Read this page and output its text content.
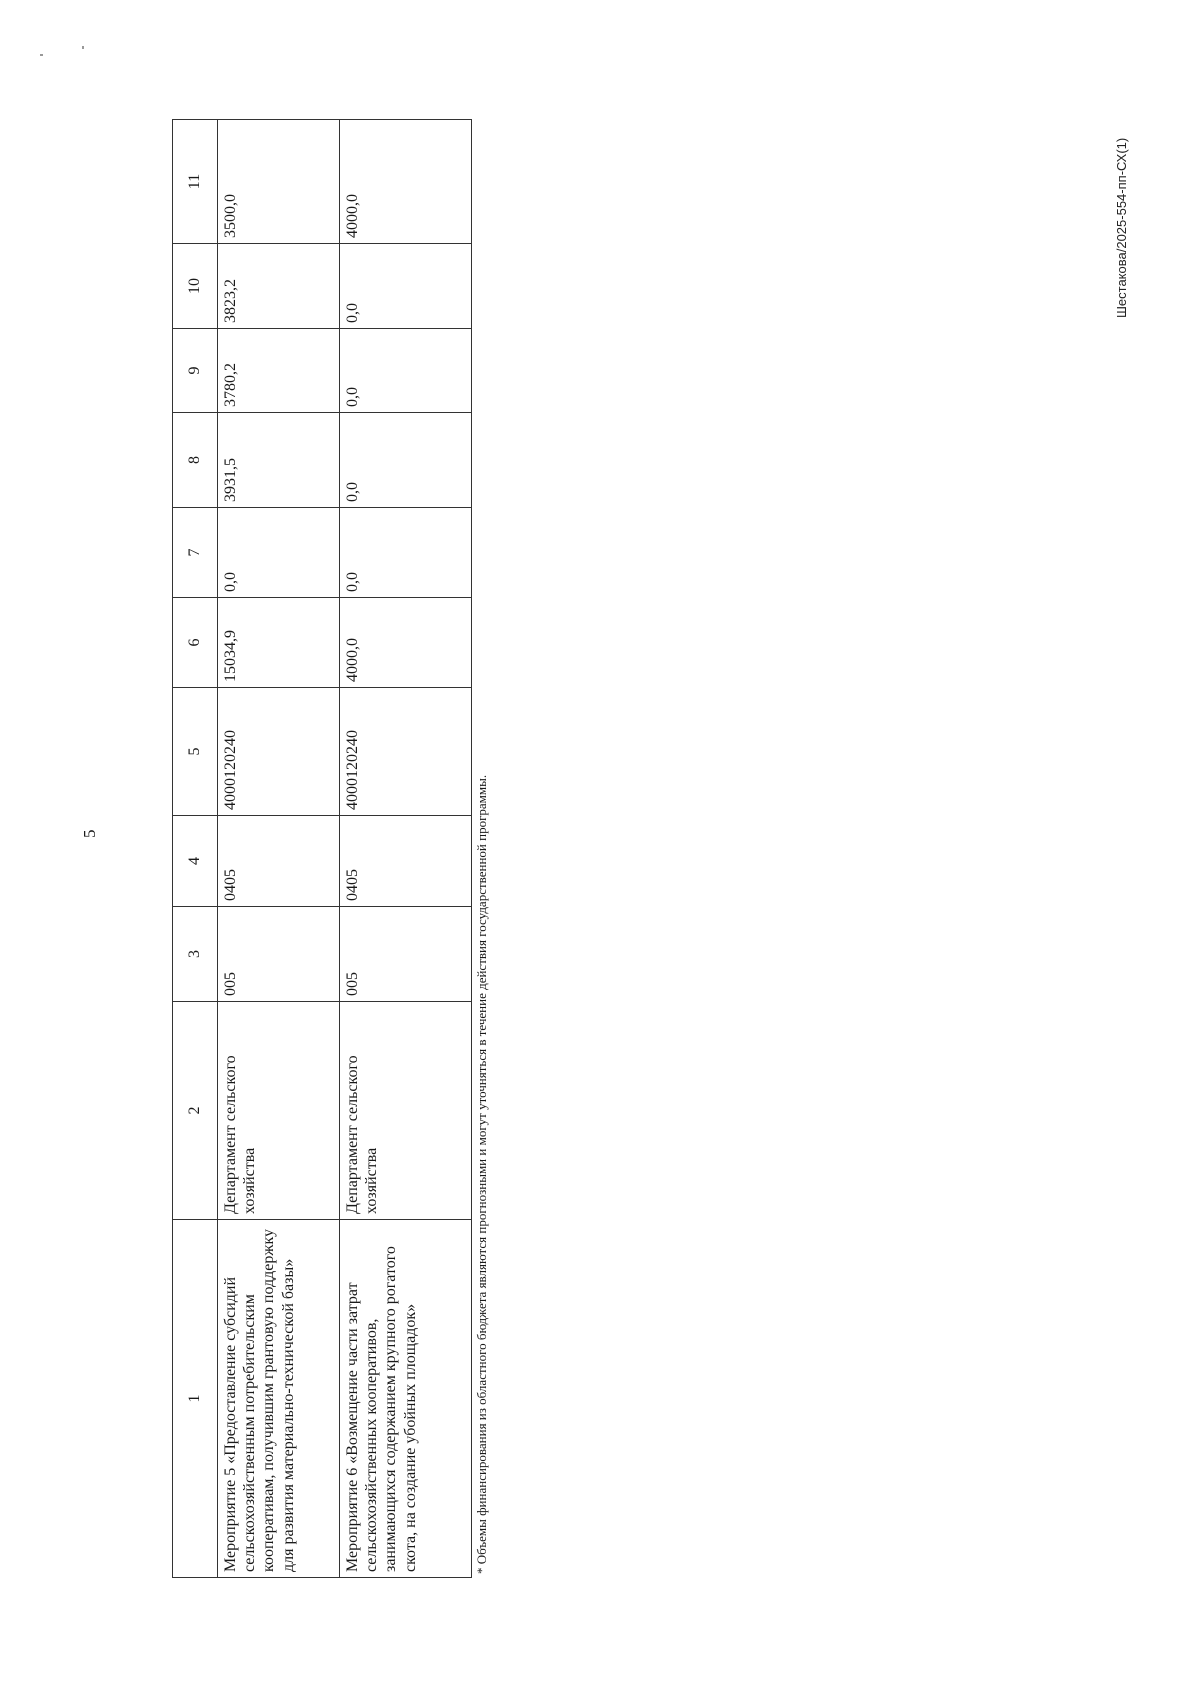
5
Шестакова/2025-554-пп-СХ(1)
1	2	3	4	5	6	7	8	9	10	11
Мероприятие 5 «Предоставление субсидий сельскохозяйственным потребительским кооперативам, получившим грантовую поддержку для развития материально-технической базы»	Департамент сельского хозяйства	005	0405	4000120240	15034,9	0,0	3931,5	3780,2	3823,2	3500,0
Мероприятие 6 «Возмещение части затрат сельскохозяйственных кооперативов, занимающихся содержанием крупного рогатого скота, на создание убойных площадок»	Департамент сельского хозяйства	005	0405	4000120240	4000,0	0,0	0,0	0,0	0,0	4000,0
* Объемы финансирования из областного бюджета являются прогнозными и могут уточняться в течение действия государственной программы.
